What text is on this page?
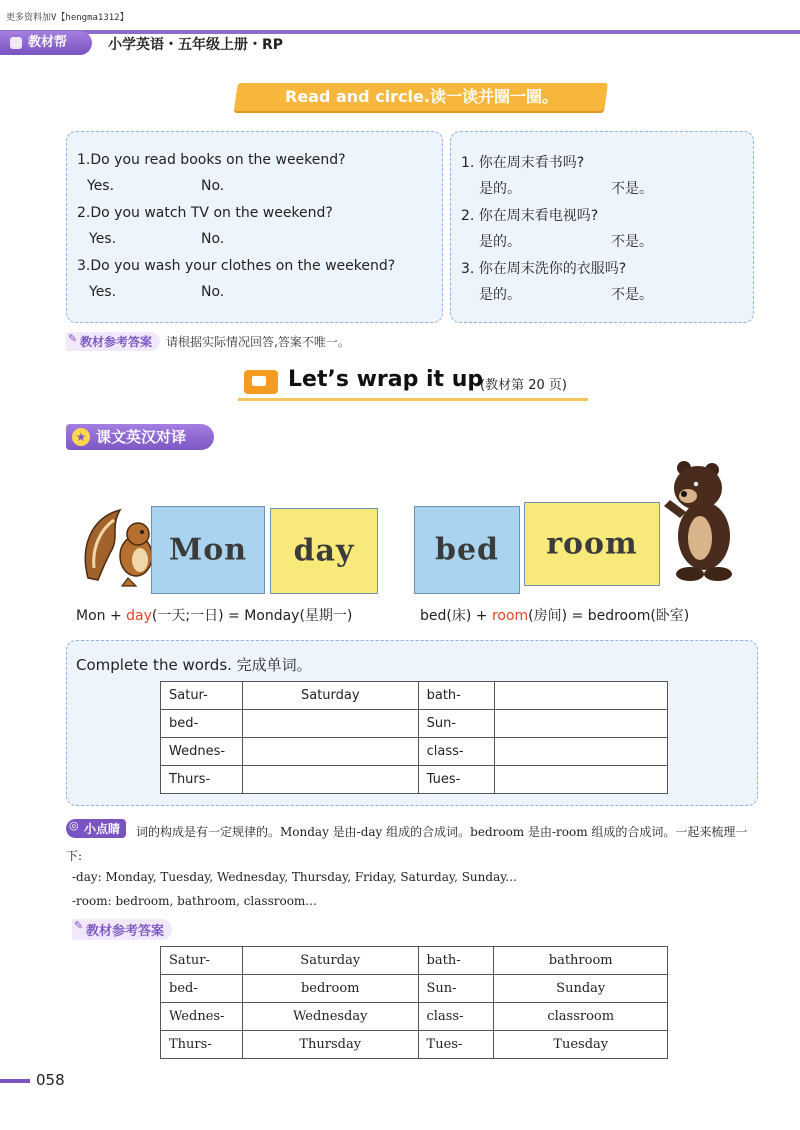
更多资料加V【hengma1312】
教材帮	小学英语・五年级上册・RP
Read and circle.读一读并圈一圈。
1.Do you read books on the weekend?
Yes.	No.
2.Do you watch TV on the weekend?
Yes.	No.
3.Do you wash your clothes on the weekend?
Yes.	No.
1. 你在周末看书吗?
是的。	不是。
2. 你在周末看电视吗?
是的。	不是。
3. 你在周末洗你的衣服吗?
是的。	不是。
✎ 教材参考答案 请根据实际情况回答,答案不唯一。
Let’s wrap it up
(教材第 20 页)
★ 课文英汉对译
Mon	day	bed	room
Mon + day(一天;一日) = Monday(星期一)	bed(床) + room(房间) = bedroom(卧室)
Complete the words. 完成单词。
Satur-	Saturday	bath-	
bed-		Sun-	
Wednes-		class-	
Thurs-		Tues-	
词的构成是有一定规律的。Monday 是由-day 组成的合成词。bedroom 是由-room 组成的合成词。一起来梳理一下:
◎ 小点睛
-day: Monday, Tuesday, Wednesday, Thursday, Friday, Saturday, Sunday...
-room: bedroom, bathroom, classroom...
✎ 教材参考答案
Satur-	Saturday	bath-	bathroom
bed-	bedroom	Sun-	Sunday
Wednes-	Wednesday	class-	classroom
Thurs-	Thursday	Tues-	Tuesday
058
